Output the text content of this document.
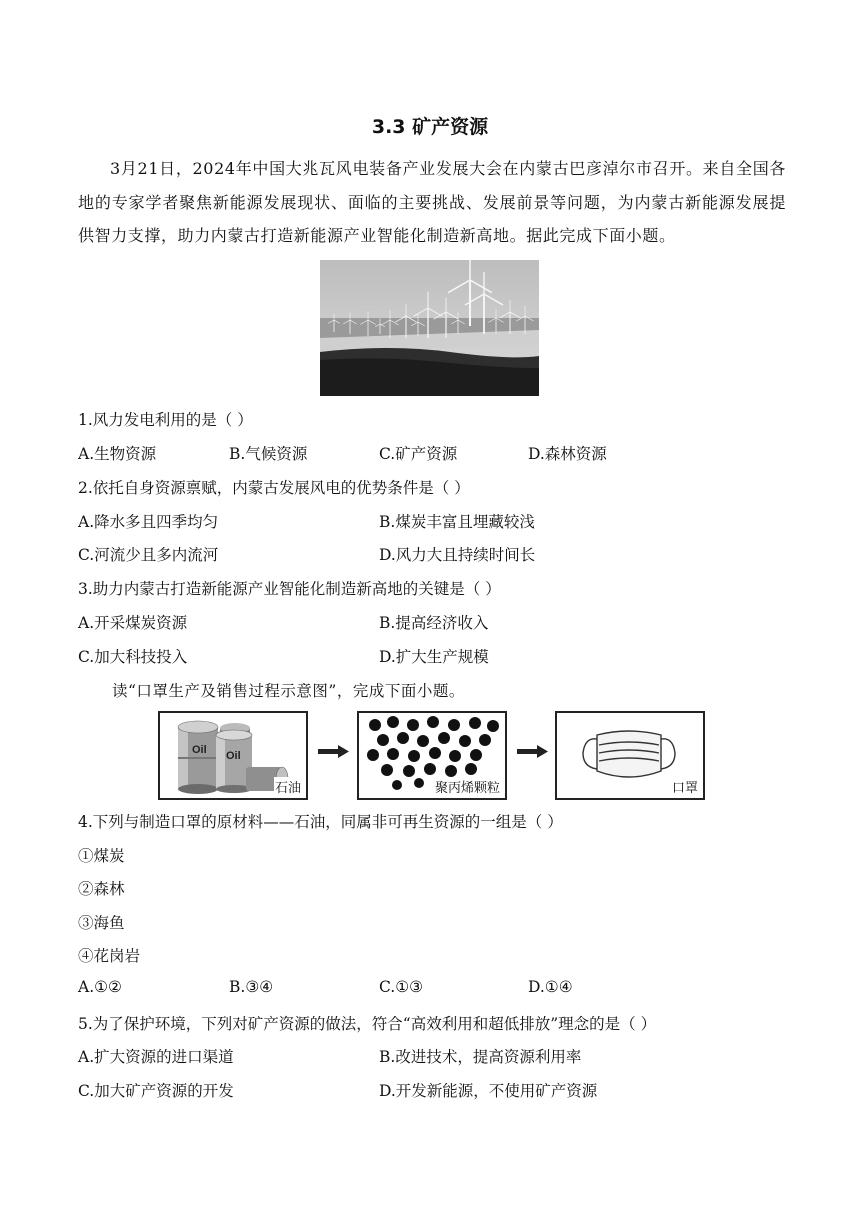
3.3 矿产资源
3月21日，2024年中国大兆瓦风电装备产业发展大会在内蒙古巴彦淖尔市召开。来自全国各地的专家学者聚焦新能源发展现状、面临的主要挑战、发展前景等问题，为内蒙古新能源发展提供智力支撑，助力内蒙古打造新能源产业智能化制造新高地。据此完成下面小题。
1.风力发电利用的是（ ）
A.生物资源	B.气候资源	C.矿产资源	D.森林资源
2.依托自身资源禀赋，内蒙古发展风电的优势条件是（ ）
A.降水多且四季均匀	B.煤炭丰富且埋藏较浅
C.河流少且多内流河	D.风力大且持续时间长
3.助力内蒙古打造新能源产业智能化制造新高地的关键是（ ）
A.开采煤炭资源	B.提高经济收入
C.加大科技投入	D.扩大生产规模
读“口罩生产及销售过程示意图”，完成下面小题。
Oil Oil
石油	聚丙烯颗粒	口罩
4.下列与制造口罩的原材料——石油，同属非可再生资源的一组是（ ）
①煤炭
②森林
③海鱼
④花岗岩
A.①②	B.③④	C.①③	D.①④
5.为了保护环境，下列对矿产资源的做法，符合“高效利用和超低排放”理念的是（ ）
A.扩大资源的进口渠道	B.改进技术，提高资源利用率
C.加大矿产资源的开发	D.开发新能源，不使用矿产资源
